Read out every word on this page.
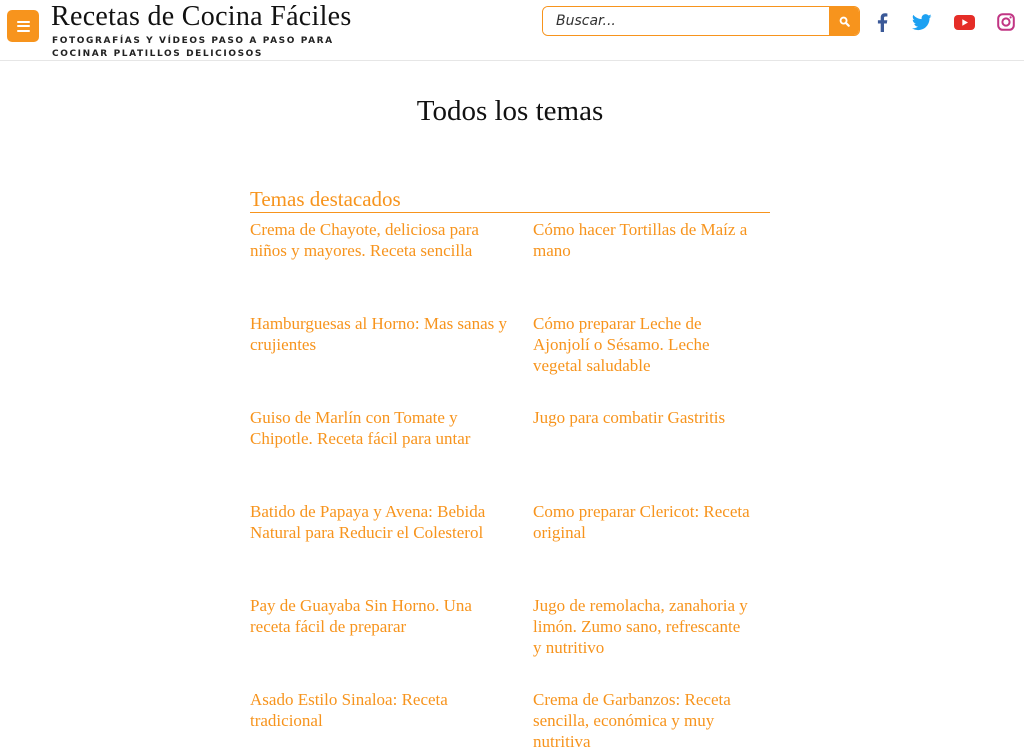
Recetas de Cocina Fáciles
FOTOGRAFÍAS Y VÍDEOS PASO A PASO PARA COCINAR PLATILLOS DELICIOSOS
Buscar...
Todos los temas
Temas destacados
Crema de Chayote, deliciosa para niños y mayores. Receta sencilla
Cómo hacer Tortillas de Maíz a mano
Hamburguesas al Horno: Mas sanas y crujientes
Cómo preparar Leche de Ajonjolí o Sésamo. Leche vegetal saludable
Guiso de Marlín con Tomate y Chipotle. Receta fácil para untar
Jugo para combatir Gastritis
Batido de Papaya y Avena: Bebida Natural para Reducir el Colesterol
Como preparar Clericot: Receta original
Pay de Guayaba Sin Horno. Una receta fácil de preparar
Jugo de remolacha, zanahoria y limón. Zumo sano, refrescante y nutritivo
Asado Estilo Sinaloa: Receta tradicional
Crema de Garbanzos: Receta sencilla, económica y muy nutritiva
